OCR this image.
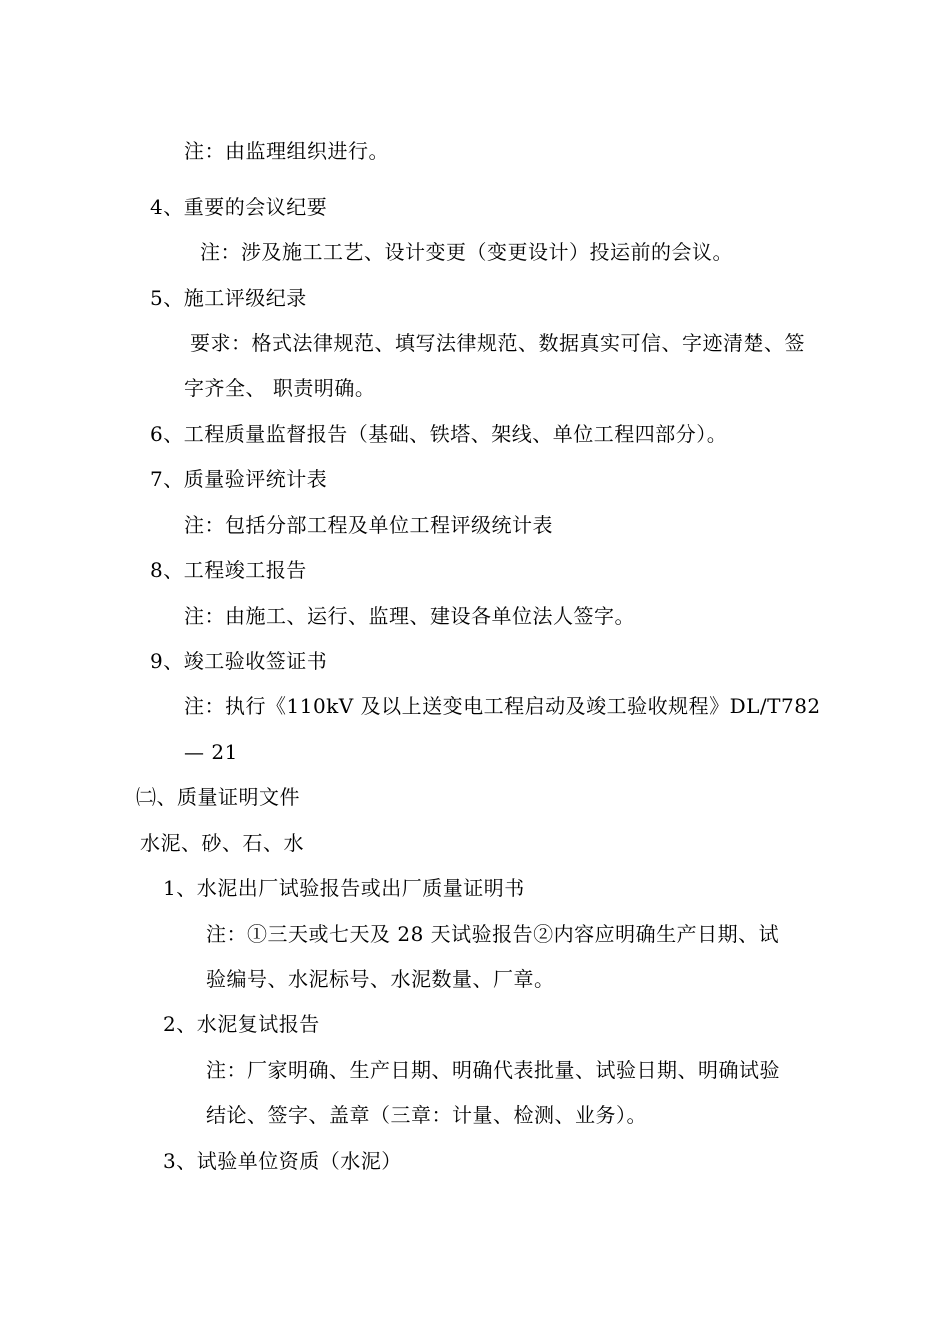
注：由监理组织进行。
4、重要的会议纪要
注：涉及施工工艺、设计变更（变更设计）投运前的会议。
5、施工评级纪录
要求：格式法律规范、填写法律规范、数据真实可信、字迹清楚、签
字齐全、 职责明确。
6、工程质量监督报告（基础、铁塔、架线、单位工程四部分）。
7、质量验评统计表
注：包括分部工程及单位工程评级统计表
8、工程竣工报告
注：由施工、运行、监理、建设各单位法人签字。
9、竣工验收签证书
注：执行《110kV 及以上送变电工程启动及竣工验收规程》DL/T782
— 21
㈡、质量证明文件
水泥、砂、石、水
1、水泥出厂试验报告或出厂质量证明书
注：①三天或七天及 28 天试验报告②内容应明确生产日期、试
验编号、水泥标号、水泥数量、厂章。
2、水泥复试报告
注：厂家明确、生产日期、明确代表批量、试验日期、明确试验
结论、签字、盖章（三章：计量、检测、业务）。
3、试验单位资质（水泥）
